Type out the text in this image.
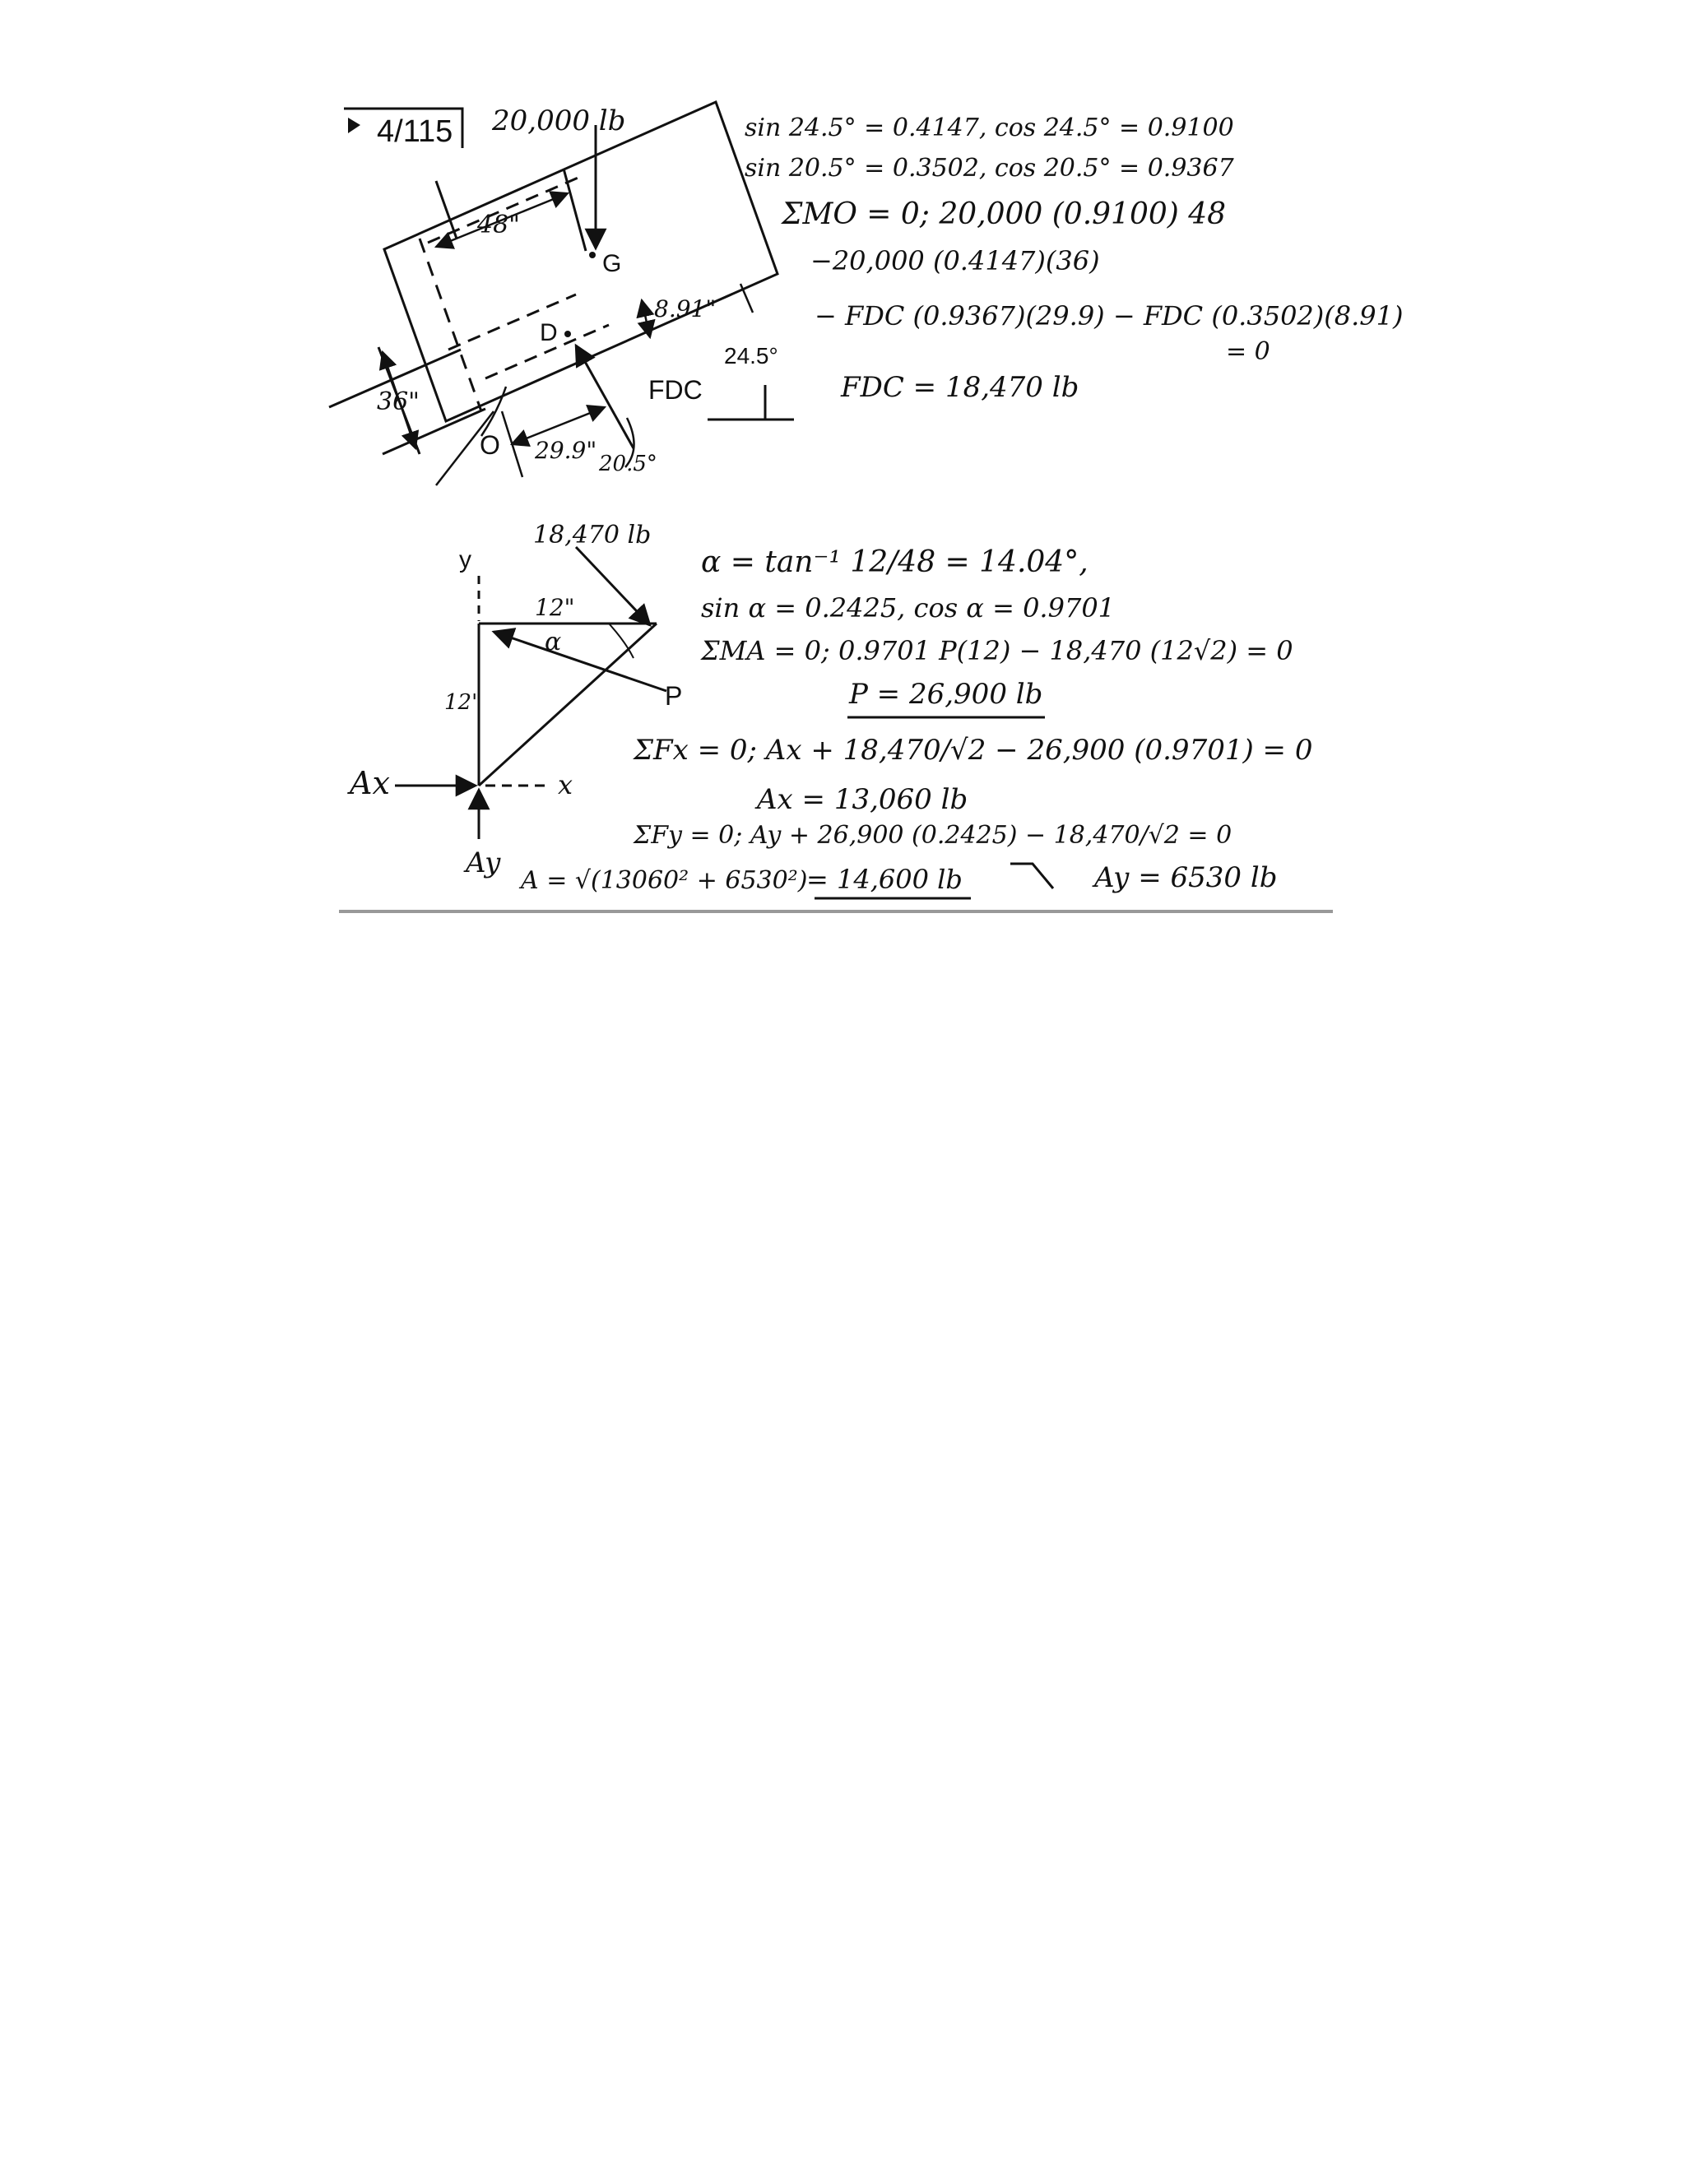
4/115 20,000 lb
48"
G
D
8.91"
FDC
24.5°
36"
O 29.9" 20.5°
sin 24.5° = 0.4147, cos 24.5° = 0.9100
sin 20.5° = 0.3502, cos 20.5° = 0.9367
ΣMO = 0; 20,000 (0.9100) 48
−20,000 (0.4147)(36)
− FDC (0.9367)(29.9) − FDC (0.3502)(8.91)
= 0
FDC = 18,470 lb
18,470 lb
y
12"
α
P
12"
Ax	x
Ay
α = tan⁻¹ 12/48 = 14.04°,
sin α = 0.2425, cos α = 0.9701
ΣMA = 0; 0.9701 P(12) − 18,470 (12√2) = 0
P = 26,900 lb
ΣFx = 0; Ax + 18,470/√2 − 26,900 (0.9701) = 0
Ax = 13,060 lb
ΣFy = 0; Ay + 26,900 (0.2425) − 18,470/√2 = 0
A = √(13060² + 6530²)
= 14,600 lb	Ay = 6530 lb
